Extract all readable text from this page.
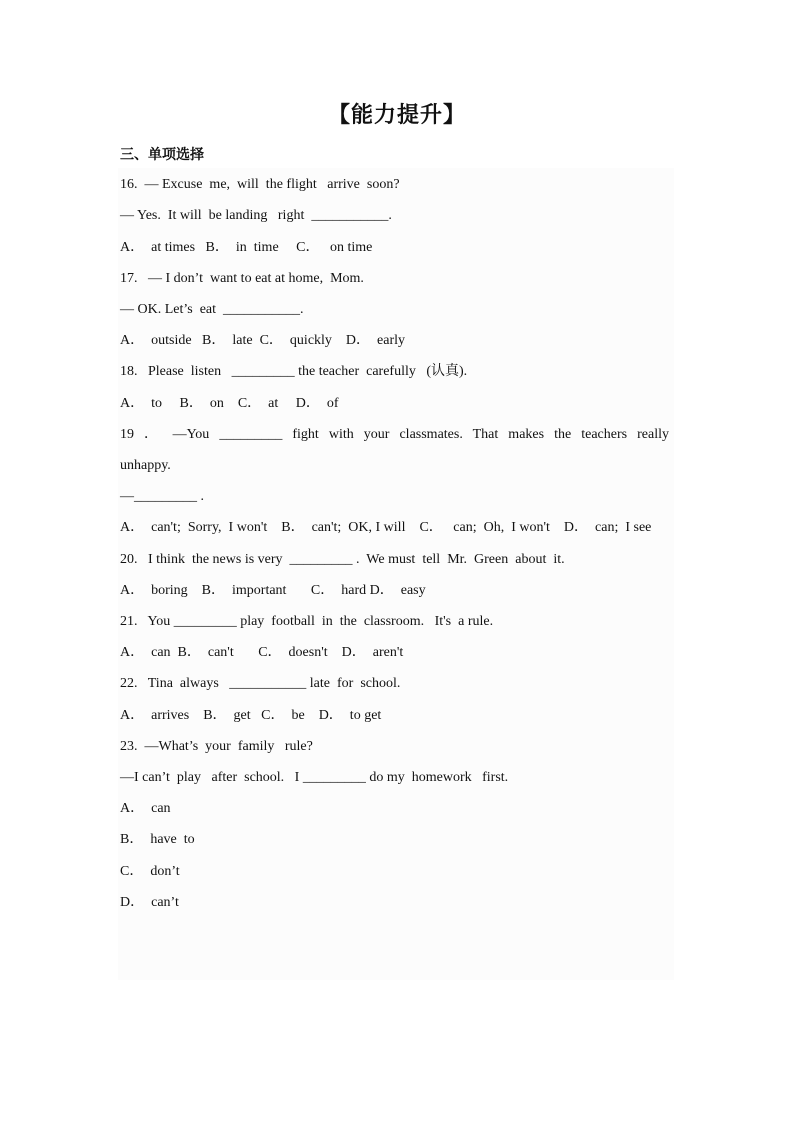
【能力提升】
三、单项选择
16.  — Excuse  me,  will  the flight   arrive  soon?
— Yes.  It will  be landing   right  ___________.
A．  at times   B．  in  time     C．   on time
17.   — I don’t  want to eat at home,  Mom.
— OK. Let’s  eat  ___________.
A．  outside   B．  late  C．  quickly    D．  early
18.   Please  listen   _________ the teacher  carefully   (认真).
A．  to     B．  on    C．  at     D．  of
19 ． —You _________ fight with your classmates. That makes the teachers really
unhappy.
—_________ .
A．  can't;  Sorry,  I won't    B．  can't;  OK, I will    C．   can;  Oh,  I won't    D．  can;  I see
20.   I think  the news is very  _________ .  We must  tell  Mr.  Green  about  it.
A．  boring    B．  important       C．  hard D．  easy
21.   You _________ play  football  in  the  classroom.   It's  a rule.
A．  can  B．  can't       C．  doesn't    D．  aren't
22.   Tina  always   ___________ late  for  school.
A．  arrives    B．  get   C．  be    D．  to get
23.  —What’s  your  family   rule?
—I can’t  play   after  school.   I _________ do my  homework   first.
A．  can
B．  have  to
C．  don’t
D．  can’t
